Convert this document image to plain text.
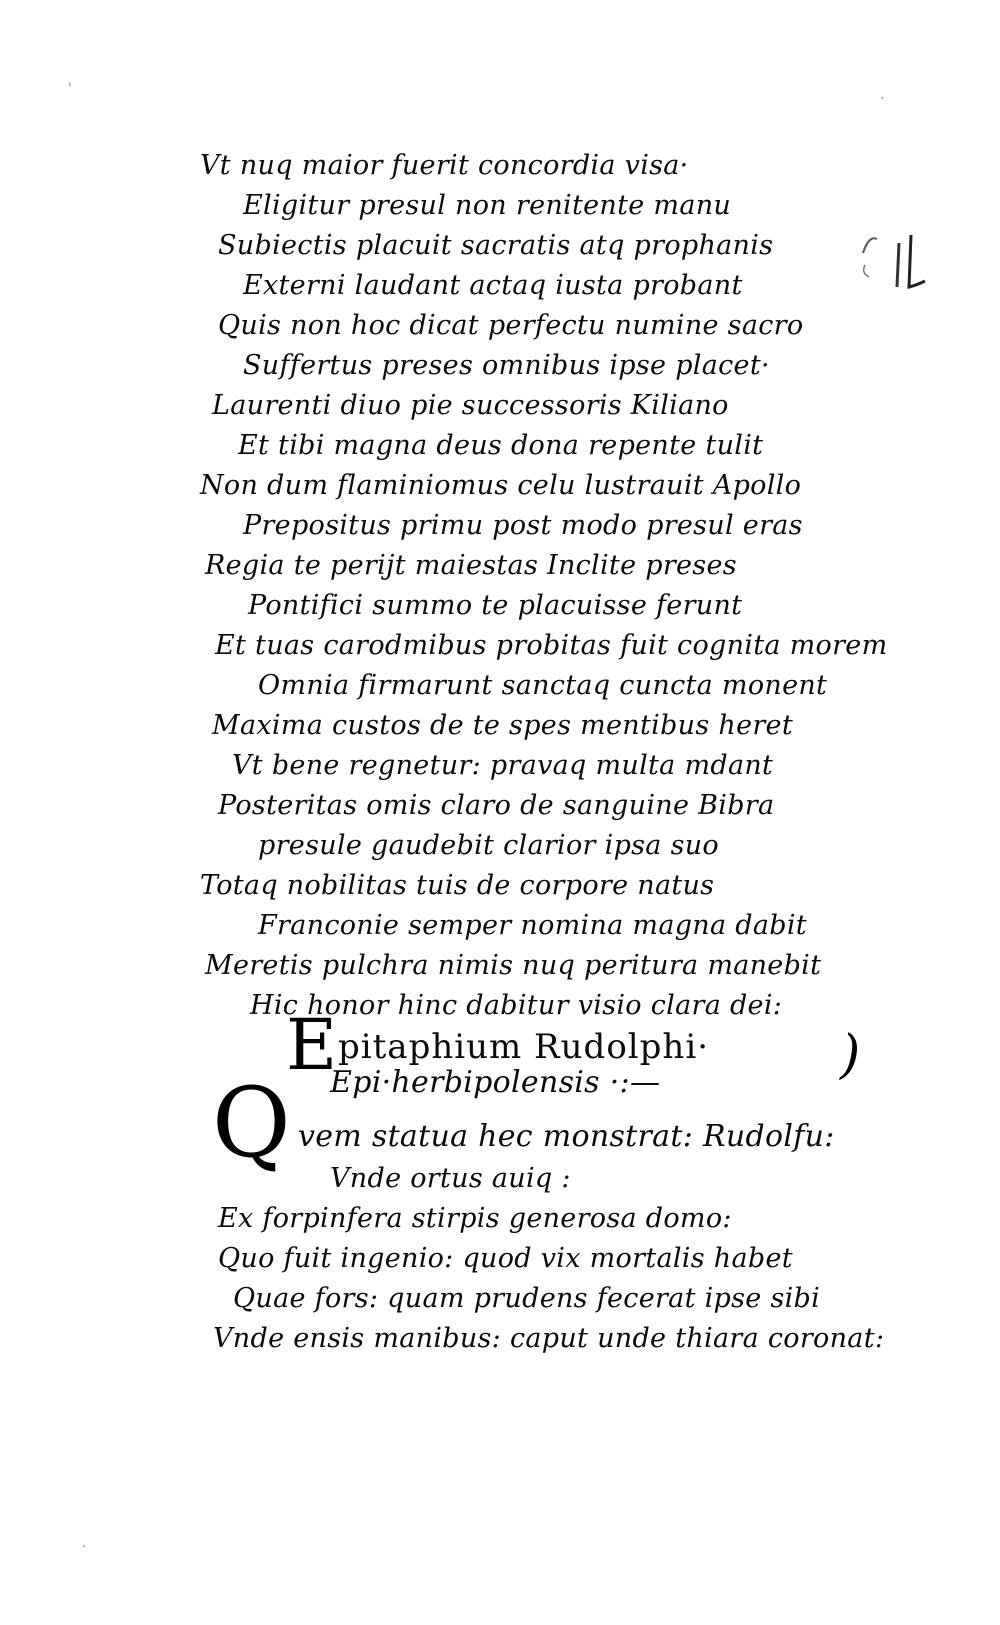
'
·
·
Vt nuq maior fuerit concordia visa·
Eligitur presul non renitente manu
Subiectis placuit sacratis atq prophanis
Externi laudant actaq iusta probant
Quis non hoc dicat perfectu numine sacro
Suffertus preses omnibus ipse placet·
Laurenti diuo pie successoris Kiliano
Et tibi magna deus dona repente tulit
Non dum flaminiomus celu lustrauit Apollo
Prepositus primu post modo presul eras
Regia te perijt maiestas Inclite preses
Pontifici summo te placuisse ferunt
Et tuas carodmibus probitas fuit cognita morem
Omnia firmarunt sanctaq cuncta monent
Maxima custos de te spes mentibus heret
Vt bene regnetur: pravaq multa mdant
Posteritas omis claro de sanguine Bibra
presule gaudebit clarior ipsa suo
Totaq nobilitas tuis de corpore natus
Franconie semper nomina magna dabit
Meretis pulchra nimis nuq peritura manebit
Hic honor hinc dabitur visio clara dei:
E pitaphium Rudolphi·
Epi·herbipolensis ·:—
Q
)
vem statua hec monstrat: Rudolfu:
Vnde ortus auiq :
Ex forpinfera stirpis generosa domo:
Quo fuit ingenio: quod vix mortalis habet
Quae fors: quam prudens fecerat ipse sibi
Vnde ensis manibus: caput unde thiara coronat:
